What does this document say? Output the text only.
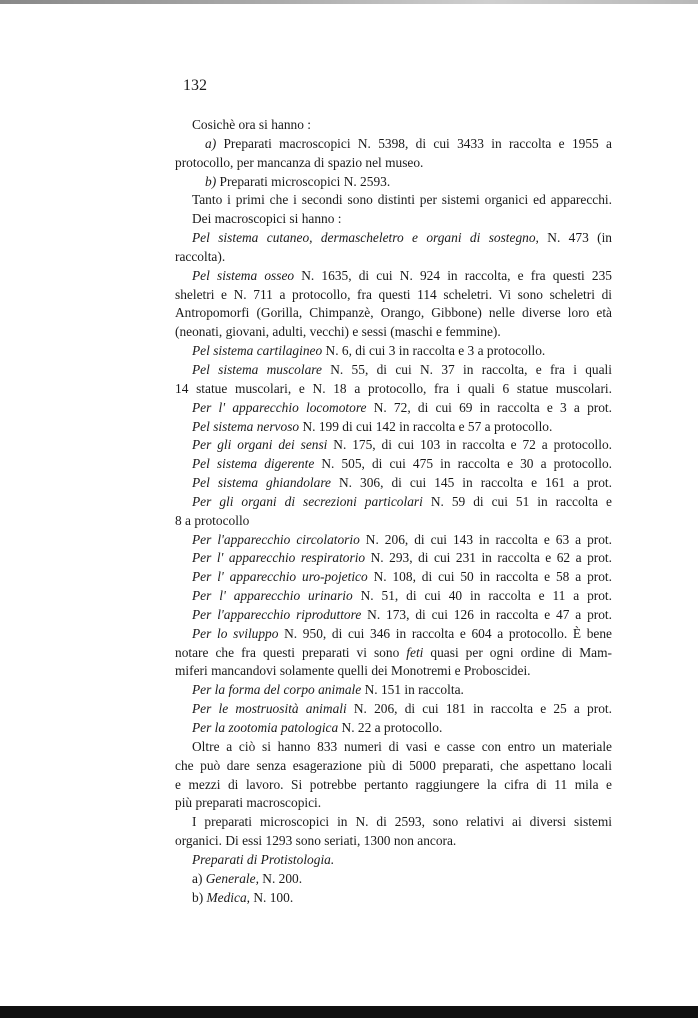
132
Cosichè ora si hanno :
a) Preparati macroscopici N. 5398, di cui 3433 in raccolta e 1955 a
protocollo, per mancanza di spazio nel museo.
b) Preparati microscopici N. 2593.
Tanto i primi che i secondi sono distinti per sistemi organici ed apparecchi.
Dei macroscopici si hanno :
Pel sistema cutaneo, dermascheletro e organi di sostegno, N. 473 (in
raccolta).
Pel sistema osseo N. 1635, di cui N. 924 in raccolta, e fra questi 235
sheletri e N. 711 a protocollo, fra questi 114 scheletri. Vi sono scheletri di
Antropomorfi (Gorilla, Chimpanzè, Orango, Gibbone) nelle diverse loro età
(neonati, giovani, adulti, vecchi) e sessi (maschi e femmine).
Pel sistema cartilagineo N. 6, di cui 3 in raccolta e 3 a protocollo.
Pel sistema muscolare N. 55, di cui N. 37 in raccolta, e fra i quali
14 statue muscolari, e N. 18 a protocollo, fra i quali 6 statue muscolari.
Per l' apparecchio locomotore N. 72, di cui 69 in raccolta e 3 a prot.
Pel sistema nervoso N. 199 di cui 142 in raccolta e 57 a protocollo.
Per gli organi dei sensi N. 175, di cui 103 in raccolta e 72 a protocollo.
Pel sistema digerente N. 505, di cui 475 in raccolta e 30 a protocollo.
Pel sistema ghiandolare N. 306, di cui 145 in raccolta e 161 a prot.
Per gli organi di secrezioni particolari N. 59 di cui 51 in raccolta e
8 a protocollo
Per l'apparecchio circolatorio N. 206, di cui 143 in raccolta e 63 a prot.
Per l' apparecchio respiratorio N. 293, di cui 231 in raccolta e 62 a prot.
Per l' apparecchio uro-pojetico N. 108, di cui 50 in raccolta e 58 a prot.
Per l' apparecchio urinario N. 51, di cui 40 in raccolta e 11 a prot.
Per l'apparecchio riproduttore N. 173, di cui 126 in raccolta e 47 a prot.
Per lo sviluppo N. 950, di cui 346 in raccolta e 604 a protocollo. È bene
notare che fra questi preparati vi sono feti quasi per ogni ordine di Mam-
miferi mancandovi solamente quelli dei Monotremi e Proboscidei.
Per la forma del corpo animale N. 151 in raccolta.
Per le mostruosità animali N. 206, di cui 181 in raccolta e 25 a prot.
Per la zootomia patologica N. 22 a protocollo.
Oltre a ciò si hanno 833 numeri di vasi e casse con entro un materiale
che può dare senza esagerazione più di 5000 preparati, che aspettano locali
e mezzi di lavoro. Si potrebbe pertanto raggiungere la cifra di 11 mila e
più preparati macroscopici.
I preparati microscopici in N. di 2593, sono relativi ai diversi sistemi
organici. Di essi 1293 sono seriati, 1300 non ancora.
Preparati di Protistologia.
a) Generale, N. 200.
b) Medica, N. 100.
